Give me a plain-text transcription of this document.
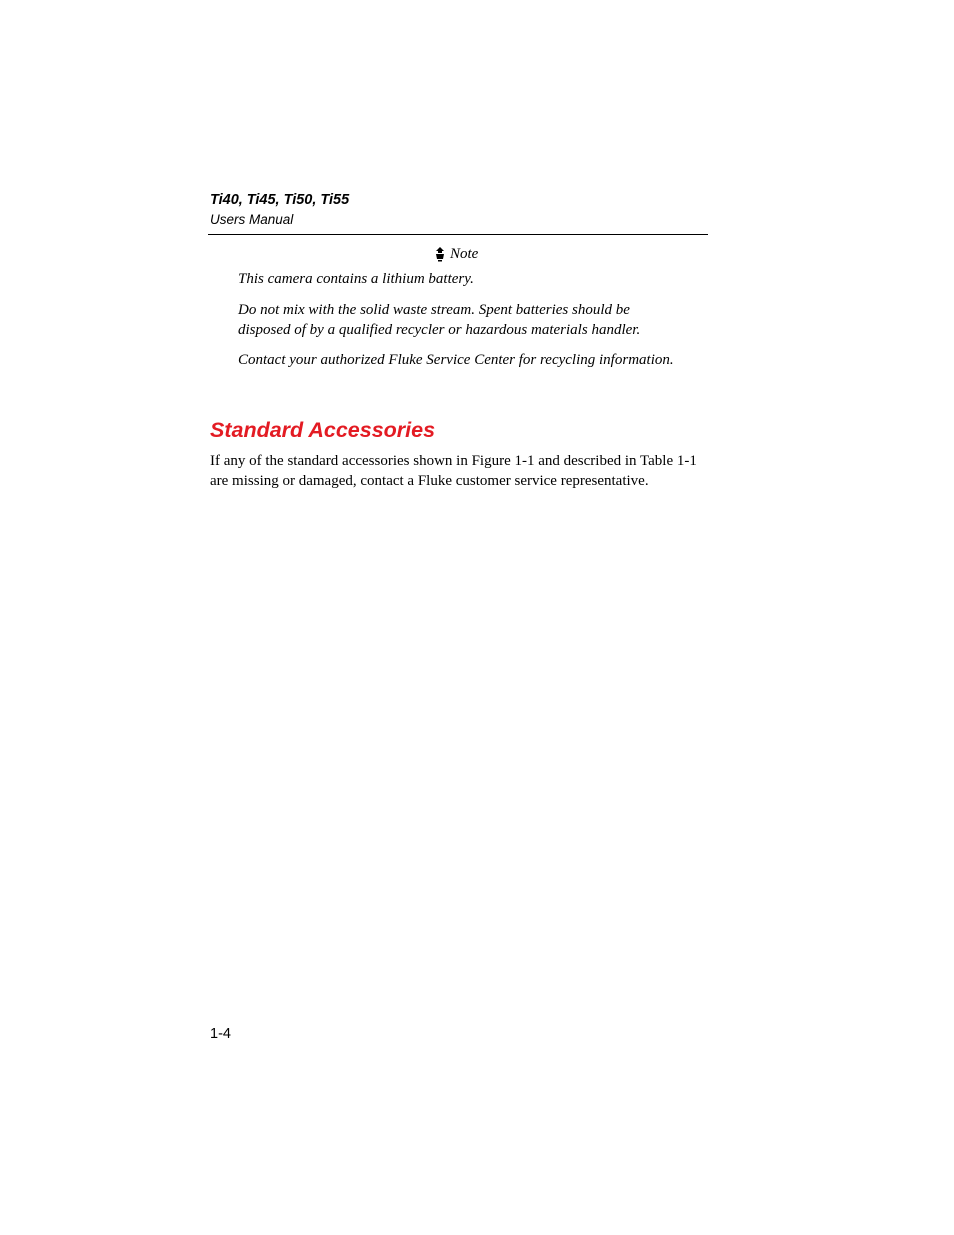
Ti40, Ti45, Ti50, Ti55
Users Manual
Note

This camera contains a lithium battery.

Do not mix with the solid waste stream. Spent batteries should be disposed of by a qualified recycler or hazardous materials handler.

Contact your authorized Fluke Service Center for recycling information.

Standard Accessories

If any of the standard accessories shown in Figure 1-1 and described in Table 1-1 are missing or damaged, contact a Fluke customer service representative.

1-4
